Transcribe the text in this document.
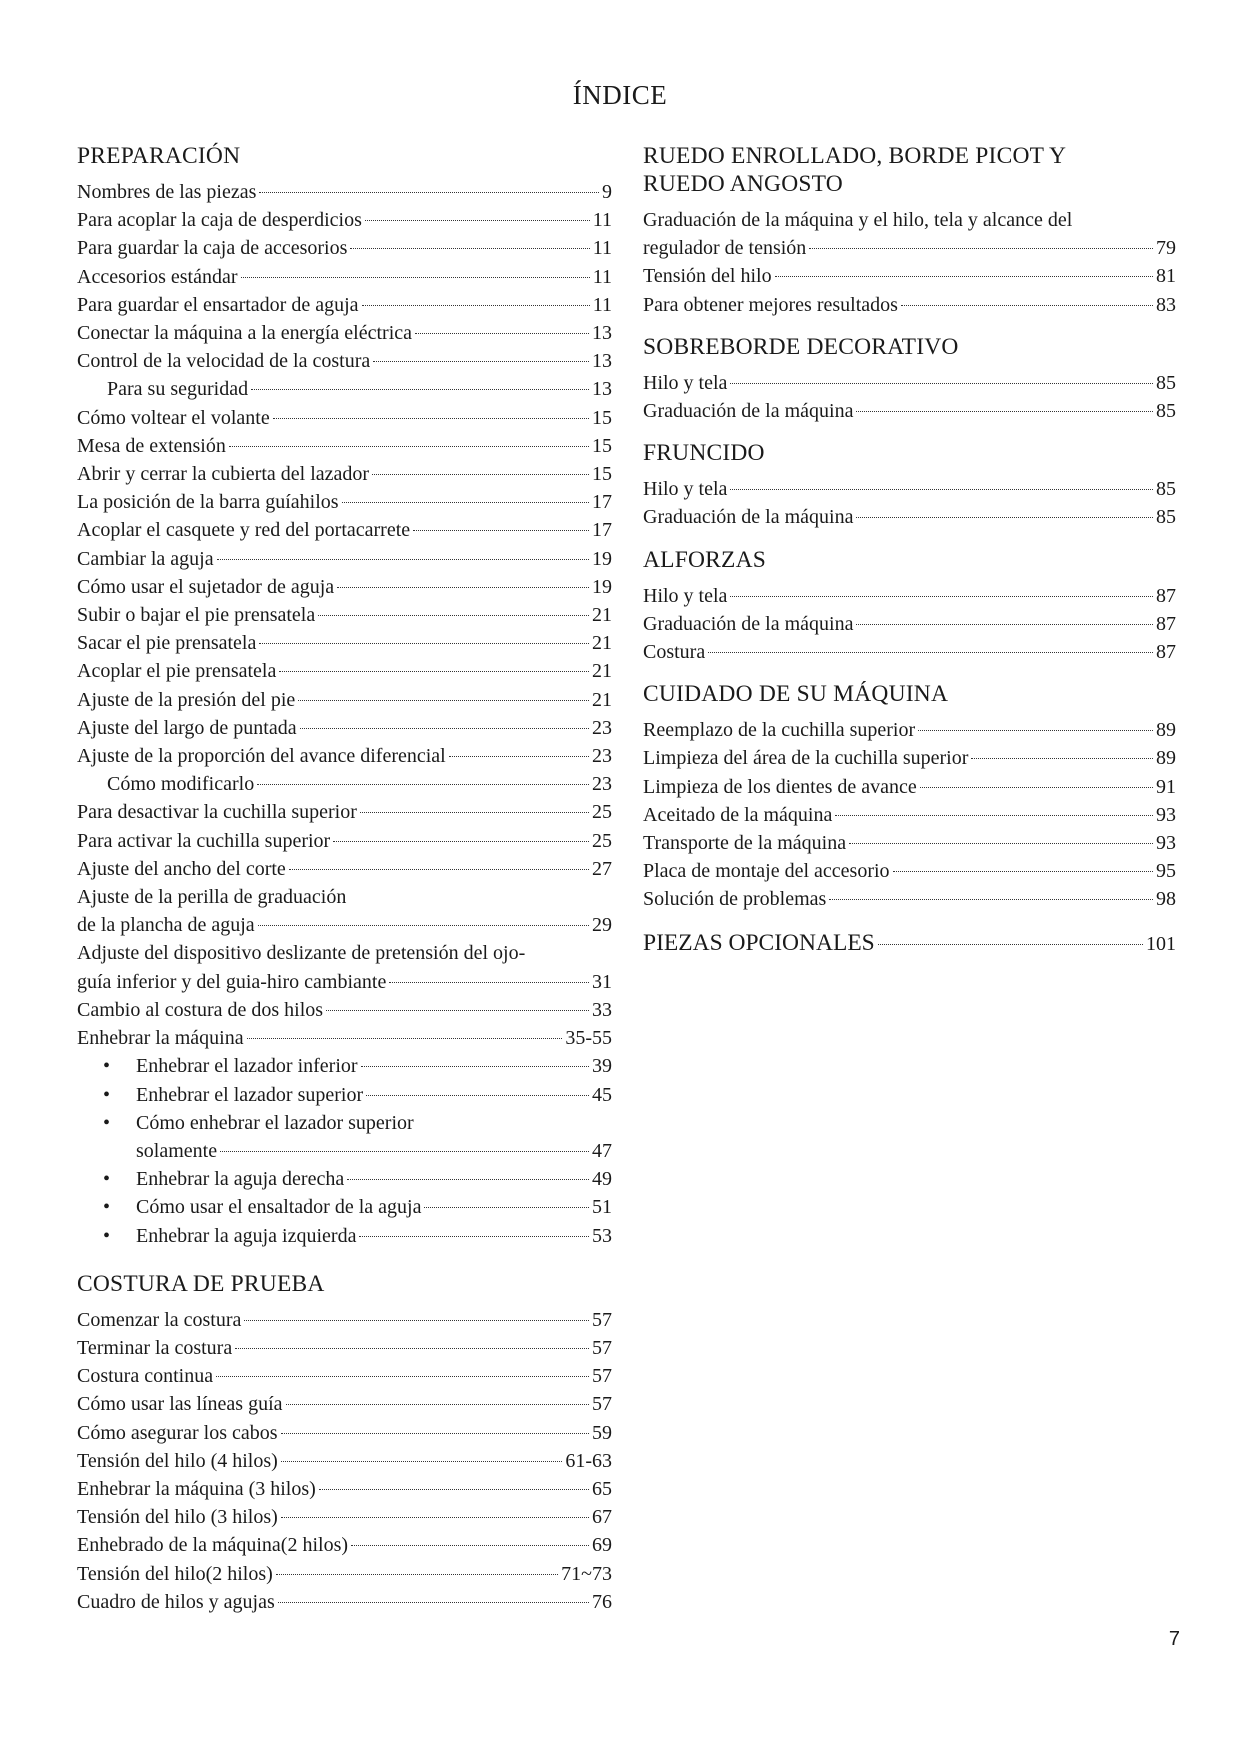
ÍNDICE
PREPARACIÓN
Nombres de las piezas	9
Para acoplar la caja de desperdicios	11
Para guardar la caja de accesorios	11
Accesorios estándar	11
Para guardar el ensartador de aguja	11
Conectar la máquina a la energía eléctrica	13
Control de la velocidad de la costura	13
Para su seguridad	13
Cómo voltear el volante	15
Mesa de extensión	15
Abrir y cerrar la cubierta del lazador	15
La posición de la barra guíahilos	17
Acoplar el casquete y red del portacarrete	17
Cambiar la aguja	19
Cómo usar el sujetador de aguja	19
Subir o bajar el pie prensatela	21
Sacar el pie prensatela	21
Acoplar el pie prensatela	21
Ajuste de la presión del pie	21
Ajuste del largo de puntada	23
Ajuste de la proporción del avance diferencial	23
Cómo modificarlo	23
Para desactivar la cuchilla superior	25
Para activar la cuchilla superior	25
Ajuste del ancho del corte	27
Ajuste de la perilla de graduación
de la plancha de aguja	29
Adjuste del dispositivo deslizante de pretensión del ojo-
guía inferior y del guia-hiro cambiante	31
Cambio al costura de dos hilos	33
Enhebrar la máquina	35-55
•	Enhebrar el lazador inferior	39
•	Enhebrar el lazador superior	45
•	Cómo enhebrar el lazador superior
solamente	47
•	Enhebrar la aguja derecha	49
•	Cómo usar el ensaltador de la aguja	51
•	Enhebrar la aguja izquierda	53
COSTURA DE PRUEBA
Comenzar la costura	57
Terminar la costura	57
Costura continua	57
Cómo usar las líneas guía	57
Cómo asegurar los cabos	59
Tensión del hilo (4 hilos)	61-63
Enhebrar la máquina (3 hilos)	65
Tensión del hilo (3 hilos)	67
Enhebrado de la máquina(2 hilos)	69
Tensión del hilo(2 hilos)	71~73
Cuadro de hilos y agujas	76
RUEDO ENROLLADO, BORDE PICOT Y
RUEDO ANGOSTO
Graduación de la máquina y el hilo, tela y alcance del
regulador de tensión	79
Tensión del hilo	81
Para obtener mejores resultados	83
SOBREBORDE DECORATIVO
Hilo y tela	85
Graduación de la máquina	85
FRUNCIDO
Hilo y tela	85
Graduación de la máquina	85
ALFORZAS
Hilo y tela	87
Graduación de la máquina	87
Costura	87
CUIDADO DE SU MÁQUINA
Reemplazo de la cuchilla superior	89
Limpieza del área de la cuchilla superior	89
Limpieza de los dientes de avance	91
Aceitado de la máquina	93
Transporte de la máquina	93
Placa de montaje del accesorio	95
Solución de problemas	98
PIEZAS OPCIONALES	101
7
